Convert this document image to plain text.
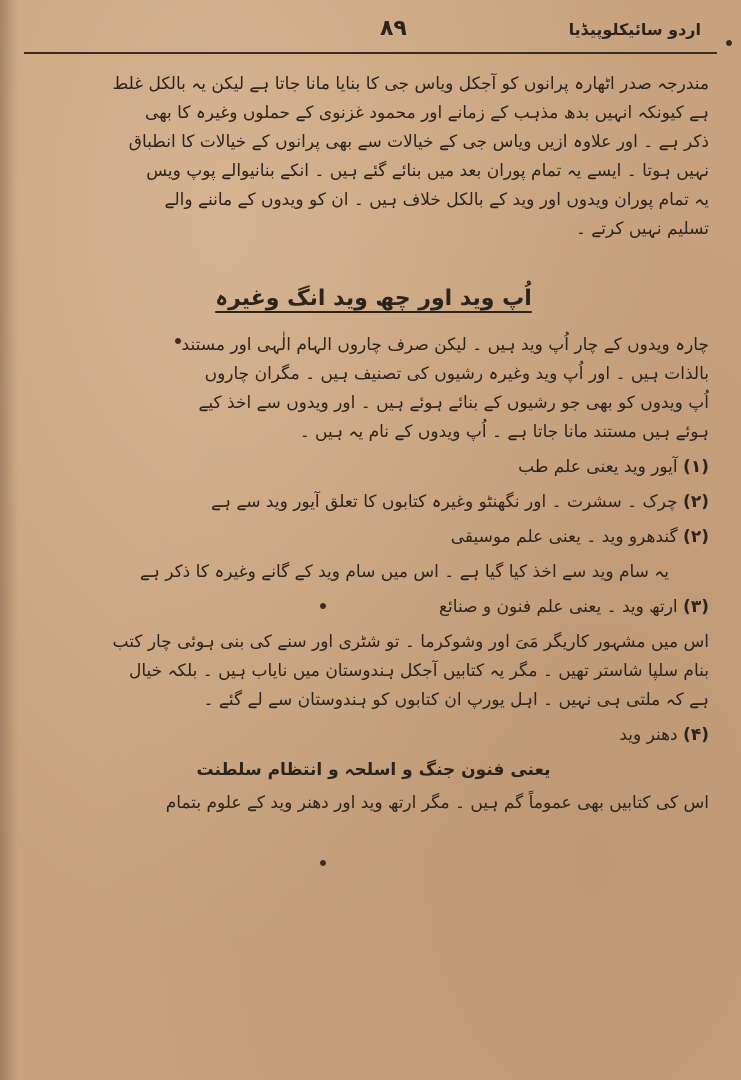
اردو سائیکلوپیڈیا
۸۹

مندرجہ صدر اٹھارہ پرانوں کو آجکل ویاس جی کا بنایا مانا جاتا ہے لیکن یہ بالکل غلط

ہے کیونکہ انہیں بدھ مذہب کے زمانے اور محمود غزنوی کے حملوں وغیرہ کا بھی

ذکر ہے ۔ اور علاوہ ازیں ویاس جی کے خیالات سے بھی پرانوں کے خیالات کا انطباق

نہیں ہوتا ۔ ایسے یہ تمام پوران بعد میں بنائے گئے ہیں ۔ انکے بنانیوالے پوپ ویس

یہ تمام پوران ویدوں اور وید کے بالکل خلاف ہیں ۔ ان کو ویدوں کے ماننے والے

تسلیم نہیں کرتے ۔

اُپ وید اور چھ وید انگ وغیرہ

چارہ ویدوں کے چار اُپ وید ہیں ۔ لیکن صرف چاروں الہام الٰہی اور مستند

بالذات ہیں ۔ اور اُپ وید وغیرہ رشیوں کی تصنیف ہیں ۔ مگران چاروں

اُپ ویدوں کو بھی جو رشیوں کے بنائے ہوئے ہیں ۔ اور ویدوں سے اخذ کیے

ہوئے ہیں مستند مانا جاتا ہے ۔ اُپ ویدوں کے نام یہ ہیں ۔

(۱) آیور وید یعنی علم طب
(۲) چرک ۔ سشرت ۔ اور نگھنٹو وغیرہ کتابوں کا تعلق آیور وید سے ہے
(۲) گندھرو وید ۔ یعنی علم موسیقی
یہ سام وید سے اخذ کیا گیا ہے ۔ اس میں سام وید کے گانے وغیرہ کا ذکر ہے
(۳) ارتھ وید ۔ یعنی علم فنون و صنائع

اس میں مشہور کاریگر مَیَ اور وشوکرما ۔ تو شٹری اور سنے کی بنی ہوئی چار کتب

بنام سلپا شاستر تھیں ۔ مگر یہ کتابیں آجکل ہندوستان میں نایاب ہیں ۔ بلکہ خیال

ہے کہ ملتی ہی نہیں ۔ اہل یورپ ان کتابوں کو ہندوستان سے لے گئے ۔

(۴) دھنر وید
یعنی فنون جنگ و اسلحہ و انتظام سلطنت

اس کی کتابیں بھی عموماً گم ہیں ۔ مگر ارتھ وید اور دھنر وید کے علوم بتمام
